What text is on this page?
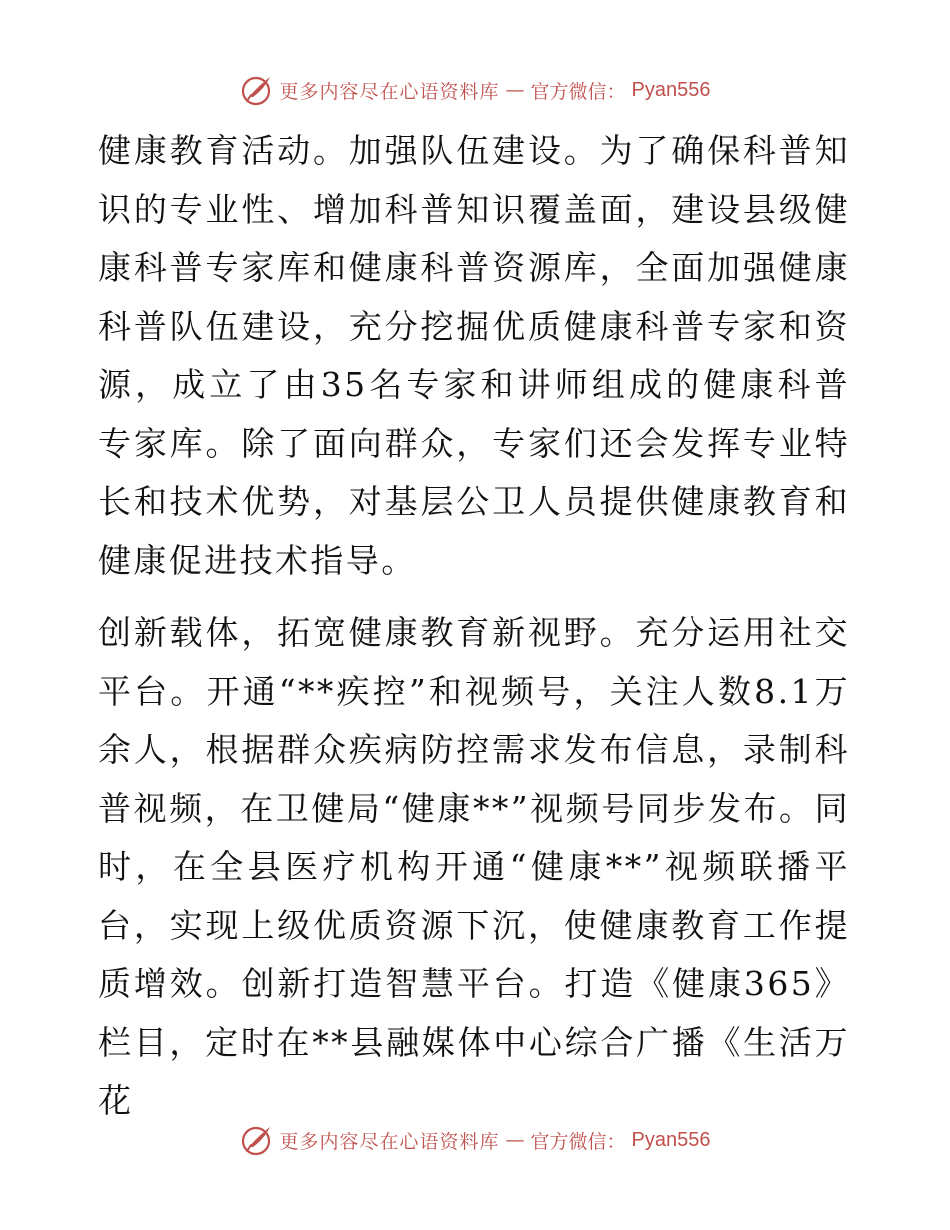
更多内容尽在心语资料库 — 官方微信： Pyan556

健康教育活动。加强队伍建设。为了确保科普知识的专业性、增加科普知识覆盖面，建设县级健康科普专家库和健康科普资源库，全面加强健康科普队伍建设，充分挖掘优质健康科普专家和资源，成立了由35名专家和讲师组成的健康科普专家库。除了面向群众，专家们还会发挥专业特长和技术优势，对基层公卫人员提供健康教育和健康促进技术指导。

创新载体，拓宽健康教育新视野。充分运用社交平台。开通“**疾控”和视频号，关注人数8.1万余人，根据群众疾病防控需求发布信息，录制科普视频，在卫健局“健康**”视频号同步发布。同时，在全县医疗机构开通“健康**”视频联播平台，实现上级优质资源下沉，使健康教育工作提质增效。创新打造智慧平台。打造《健康365》栏目，定时在**县融媒体中心综合广播《生活万花

更多内容尽在心语资料库 — 官方微信： Pyan556
